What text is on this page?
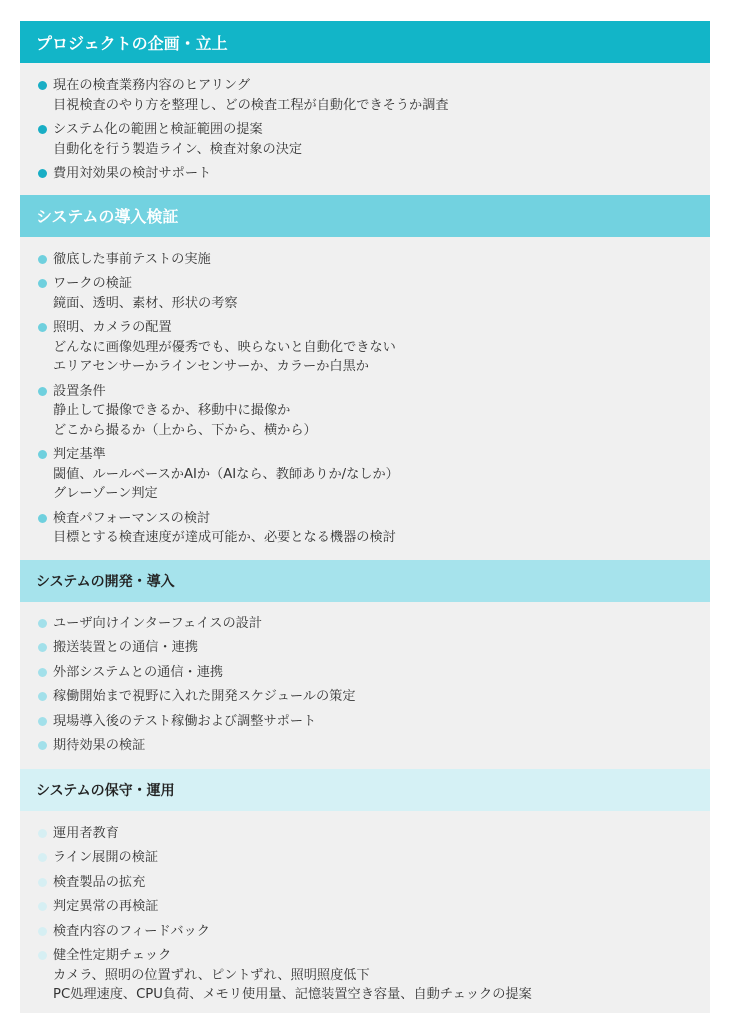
プロジェクトの企画・立上
現在の検査業務内容のヒアリング
目視検査のやり方を整理し、どの検査工程が自動化できそうか調査
システム化の範囲と検証範囲の提案
自動化を行う製造ライン、検査対象の決定
費用対効果の検討サポート
システムの導入検証
徹底した事前テストの実施
ワークの検証
鏡面、透明、素材、形状の考察
照明、カメラの配置
どんなに画像処理が優秀でも、映らないと自動化できない
エリアセンサーかラインセンサーか、カラーか白黒か
設置条件
静止して撮像できるか、移動中に撮像か
どこから撮るか（上から、下から、横から）
判定基準
閾値、ルールベースかAIか（AIなら、教師ありか/なしか）
グレーゾーン判定
検査パフォーマンスの検討
目標とする検査速度が達成可能か、必要となる機器の検討
システムの開発・導入
ユーザ向けインターフェイスの設計
搬送装置との通信・連携
外部システムとの通信・連携
稼働開始まで視野に入れた開発スケジュールの策定
現場導入後のテスト稼働および調整サポート
期待効果の検証
システムの保守・運用
運用者教育
ライン展開の検証
検査製品の拡充
判定異常の再検証
検査内容のフィードバック
健全性定期チェック
カメラ、照明の位置ずれ、ピントずれ、照明照度低下
PC処理速度、CPU負荷、メモリ使用量、記憶装置空き容量、自動チェックの提案
